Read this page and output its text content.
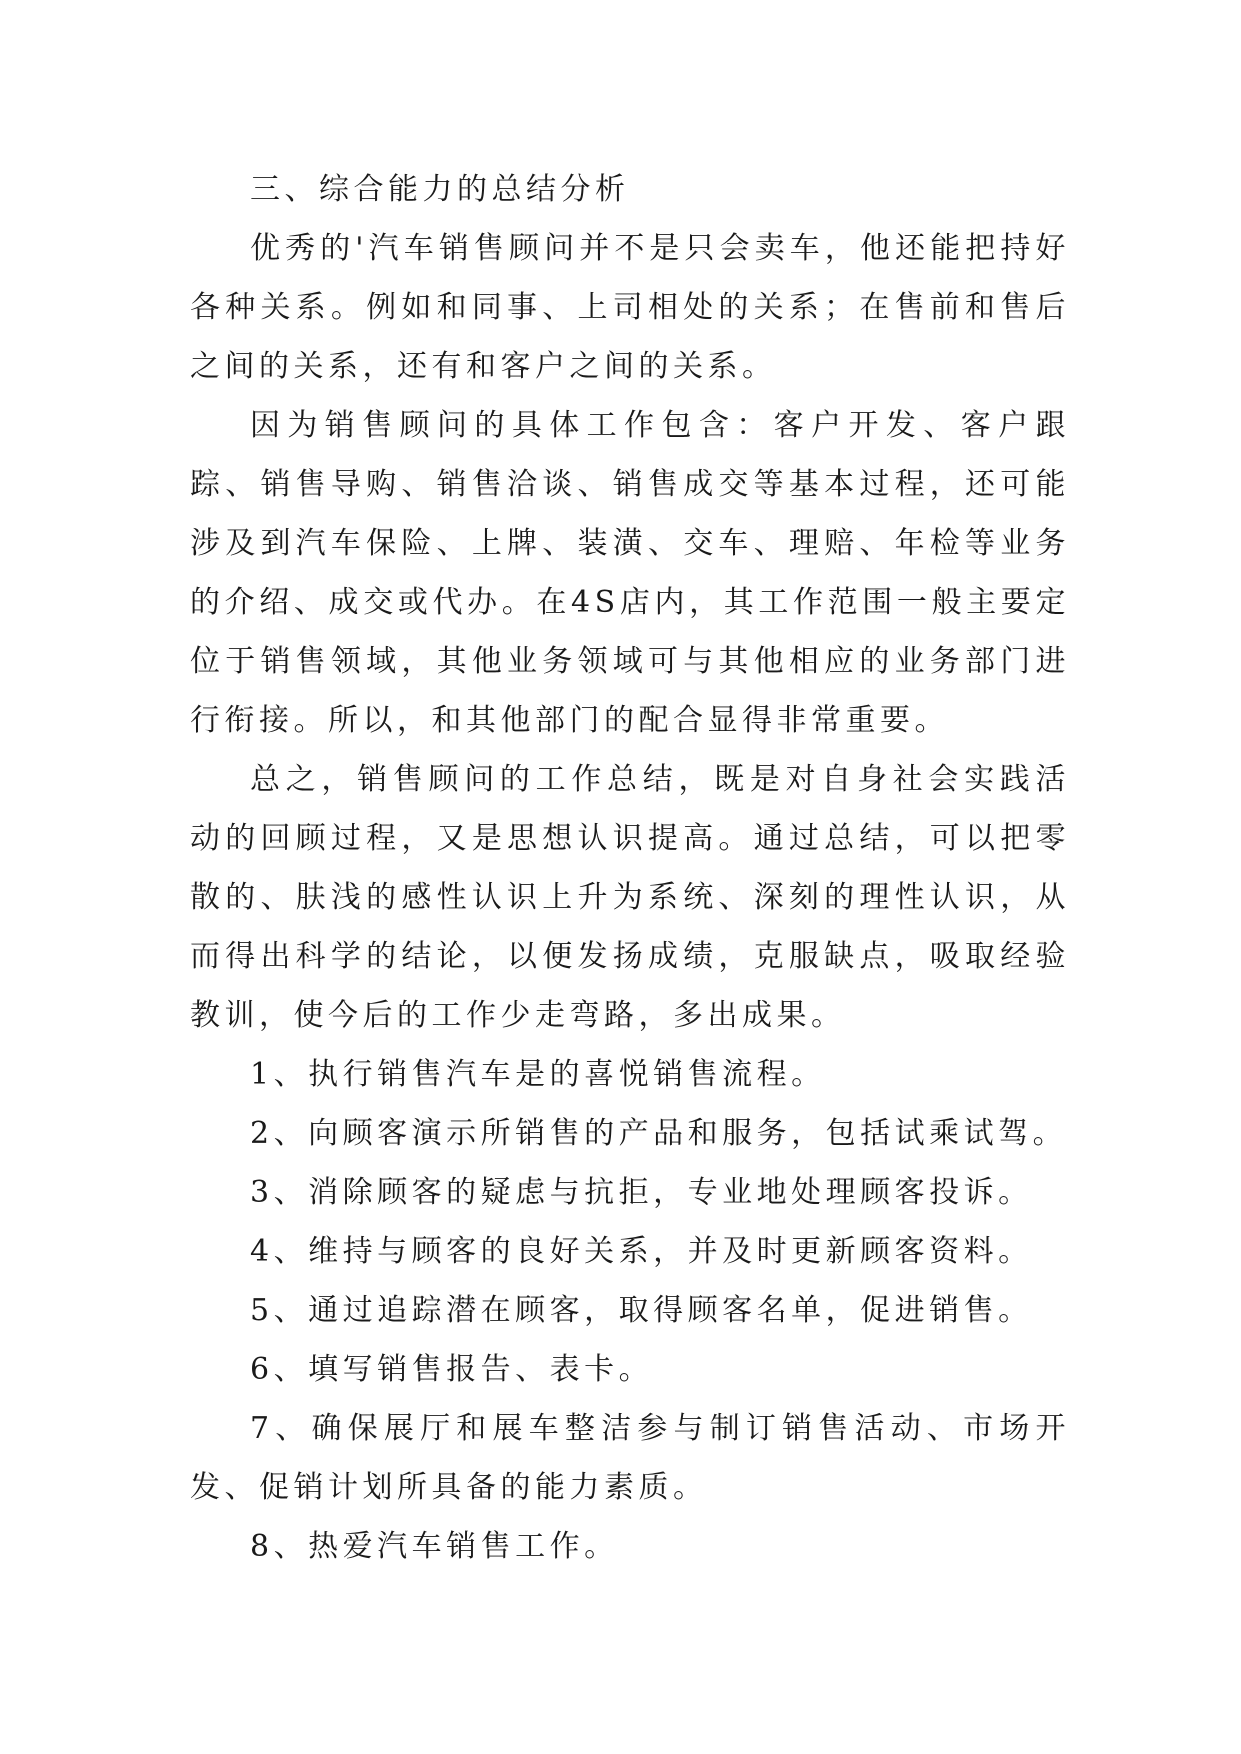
三、综合能力的总结分析

优秀的'汽车销售顾问并不是只会卖车，他还能把持好各种关系。例如和同事、上司相处的关系；在售前和售后之间的关系，还有和客户之间的关系。

因为销售顾问的具体工作包含：客户开发、客户跟踪、销售导购、销售洽谈、销售成交等基本过程，还可能涉及到汽车保险、上牌、装潢、交车、理赔、年检等业务的介绍、成交或代办。在4S店内，其工作范围一般主要定位于销售领域，其他业务领域可与其他相应的业务部门进行衔接。所以，和其他部门的配合显得非常重要。

总之，销售顾问的工作总结，既是对自身社会实践活动的回顾过程，又是思想认识提高。通过总结，可以把零散的、肤浅的感性认识上升为系统、深刻的理性认识，从而得出科学的结论，以便发扬成绩，克服缺点，吸取经验教训，使今后的工作少走弯路，多出成果。

1、执行销售汽车是的喜悦销售流程。

2、向顾客演示所销售的产品和服务，包括试乘试驾。

3、消除顾客的疑虑与抗拒，专业地处理顾客投诉。

4、维持与顾客的良好关系，并及时更新顾客资料。

5、通过追踪潜在顾客，取得顾客名单，促进销售。

6、填写销售报告、表卡。

7、确保展厅和展车整洁参与制订销售活动、市场开发、促销计划所具备的能力素质。

8、热爱汽车销售工作。
